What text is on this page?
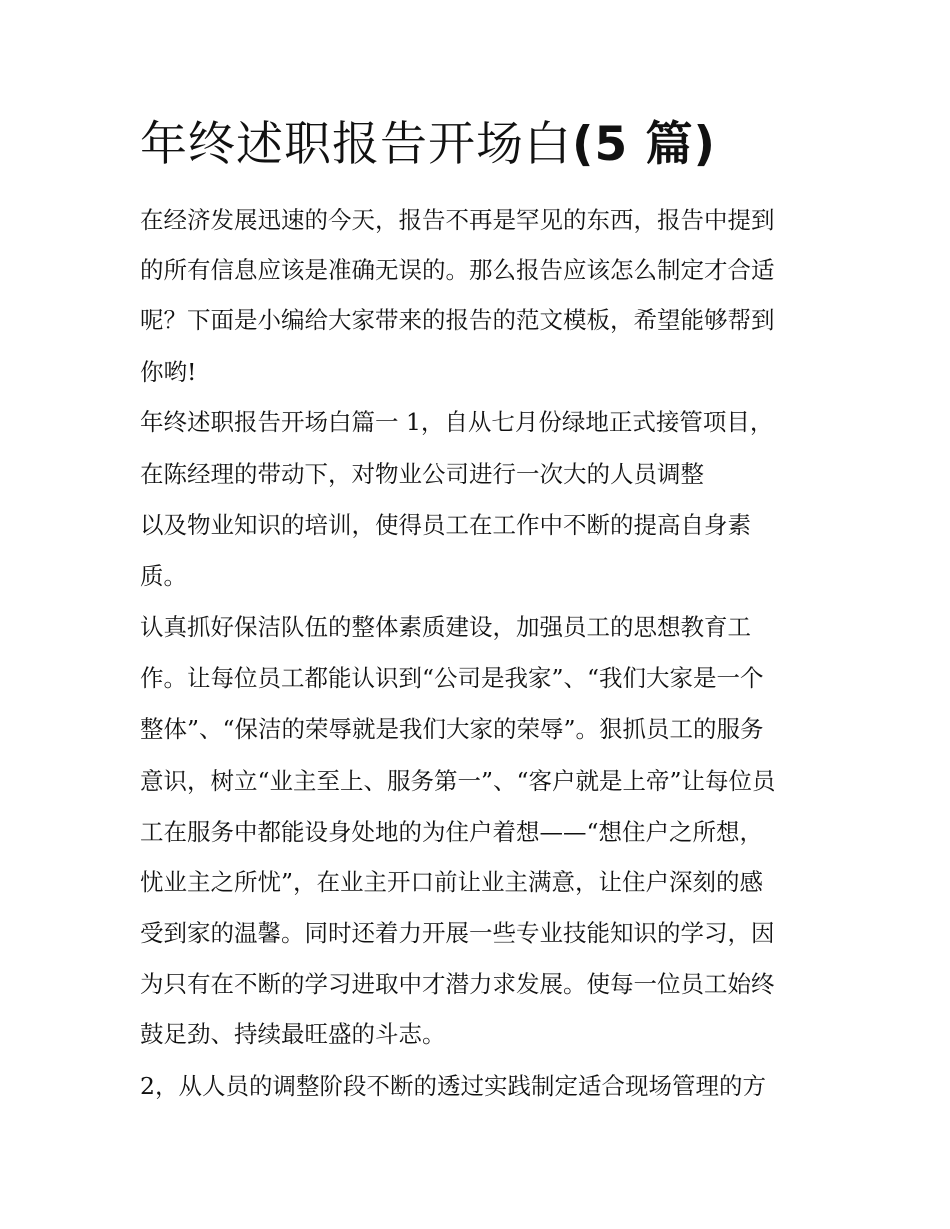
年终述职报告开场白(5 篇)

在经济发展迅速的今天，报告不再是罕见的东西，报告中提到

的所有信息应该是准确无误的。那么报告应该怎么制定才合适

呢？下面是小编给大家带来的报告的范文模板，希望能够帮到

你哟!

年终述职报告开场白篇一 1，自从七月份绿地正式接管项目，

在陈经理的带动下，对物业公司进行一次大的人员调整

以及物业知识的培训，使得员工在工作中不断的提高自身素

质。

认真抓好保洁队伍的整体素质建设，加强员工的思想教育工

作。让每位员工都能认识到“公司是我家”、“我们大家是一个

整体”、“保洁的荣辱就是我们大家的荣辱”。狠抓员工的服务

意识，树立“业主至上、服务第一”、“客户就是上帝”让每位员

工在服务中都能设身处地的为住户着想——“想住户之所想，

忧业主之所忧”，在业主开口前让业主满意，让住户深刻的感

受到家的温馨。同时还着力开展一些专业技能知识的学习，因

为只有在不断的学习进取中才潜力求发展。使每一位员工始终

鼓足劲、持续最旺盛的斗志。

2，从人员的调整阶段不断的透过实践制定适合现场管理的方
